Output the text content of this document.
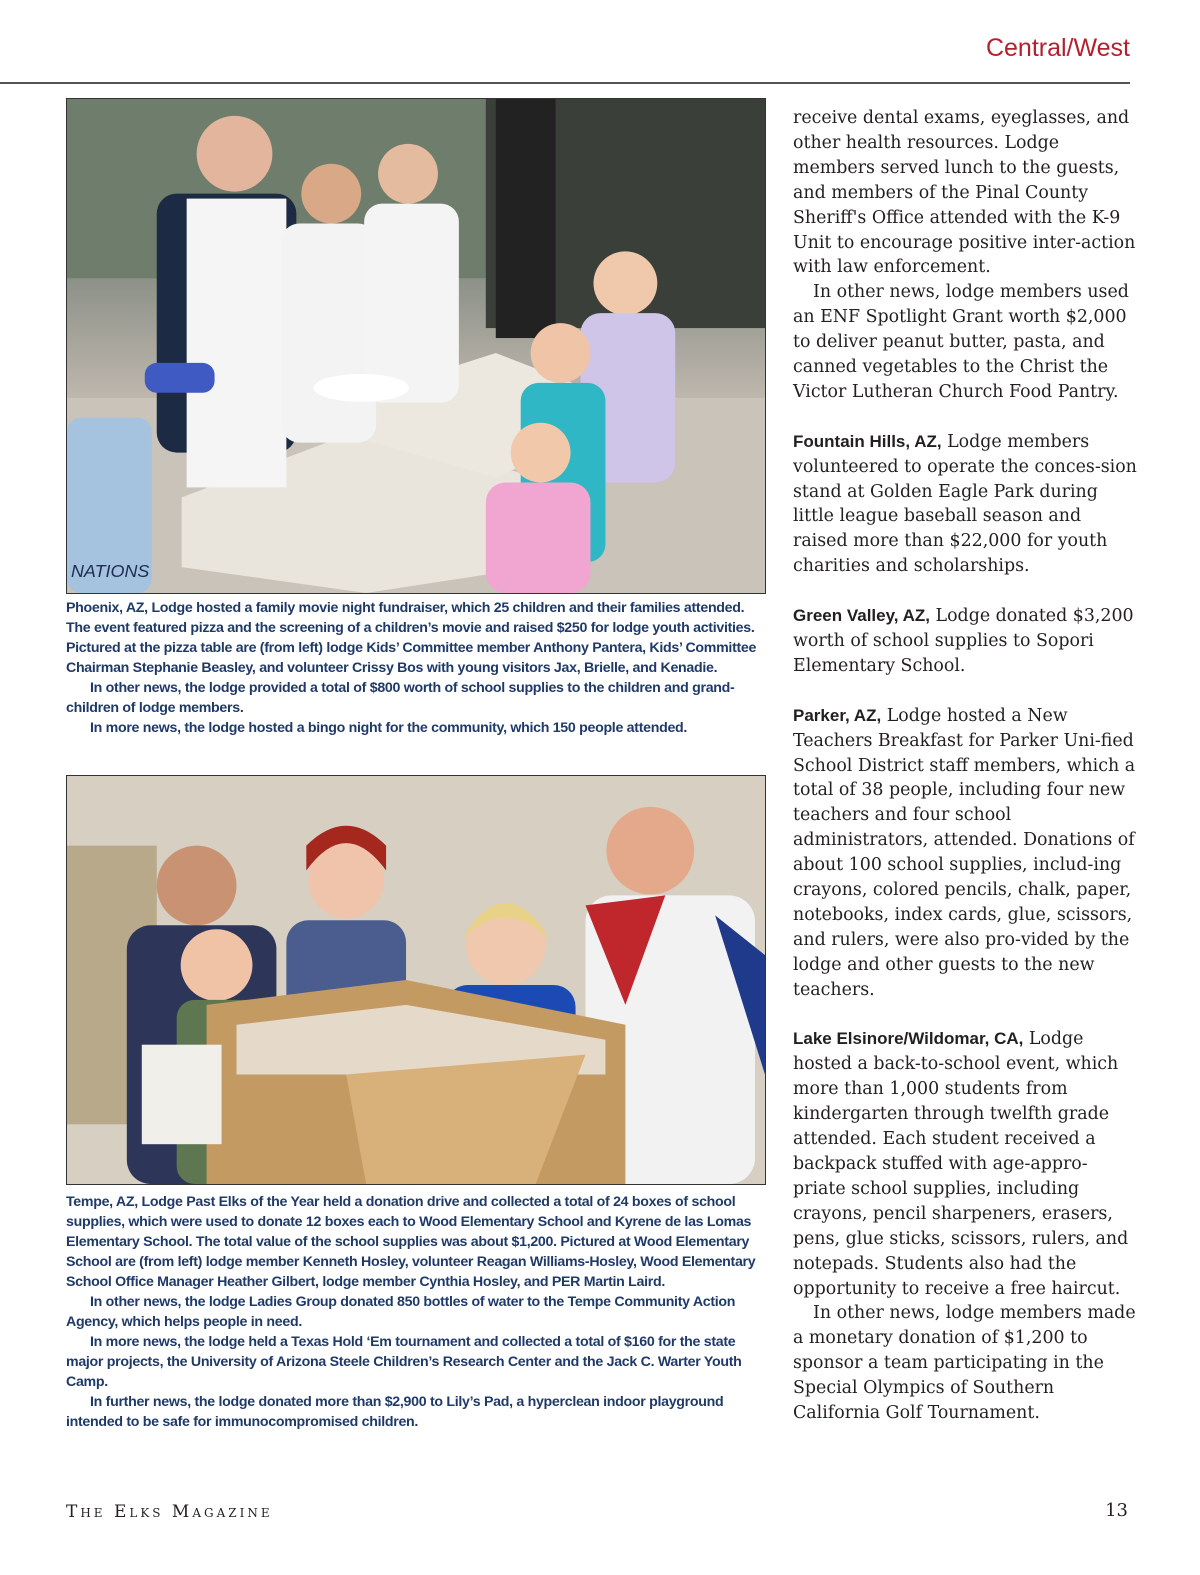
Central/West
NATIONS

Phoenix, AZ, Lodge hosted a family movie night fundraiser, which 25 children and their families attended. The event featured pizza and the screening of a children’s movie and raised $250 for lodge youth activities. Pictured at the pizza table are (from left) lodge Kids’ Committee member Anthony Pantera, Kids’ Committee Chairman Stephanie Beasley, and volunteer Crissy Bos with young visitors Jax, Brielle, and Kenadie.

In other news, the lodge provided a total of $800 worth of school supplies to the children and grand-children of lodge members.

In more news, the lodge hosted a bingo night for the community, which 150 people attended.

Tempe, AZ, Lodge Past Elks of the Year held a donation drive and collected a total of 24 boxes of school supplies, which were used to donate 12 boxes each to Wood Elementary School and Kyrene de las Lomas Elementary School. The total value of the school supplies was about $1,200. Pictured at Wood Elementary School are (from left) lodge member Kenneth Hosley, volunteer Reagan Williams-Hosley, Wood Elementary School Office Manager Heather Gilbert, lodge member Cynthia Hosley, and PER Martin Laird.

In other news, the lodge Ladies Group donated 850 bottles of water to the Tempe Community Action Agency, which helps people in need.

In more news, the lodge held a Texas Hold ‘Em tournament and collected a total of $160 for the state major projects, the University of Arizona Steele Children’s Research Center and the Jack C. Warter Youth Camp.

In further news, the lodge donated more than $2,900 to Lily’s Pad, a hyperclean indoor playground intended to be safe for immunocompromised children.

receive dental exams, eyeglasses, and other health resources. Lodge members served lunch to the guests, and members of the Pinal County Sheriff's Office attended with the K-9 Unit to encourage positive inter-action with law enforcement.

In other news, lodge members used an ENF Spotlight Grant worth $2,000 to deliver peanut butter, pasta, and canned vegetables to the Christ the Victor Lutheran Church Food Pantry.

Fountain Hills, AZ, Lodge members volunteered to operate the conces-sion stand at Golden Eagle Park during little league baseball season and raised more than $22,000 for youth charities and scholarships.

Green Valley, AZ, Lodge donated $3,200 worth of school supplies to Sopori Elementary School.

Parker, AZ, Lodge hosted a New Teachers Breakfast for Parker Uni-fied School District staff members, which a total of 38 people, including four new teachers and four school administrators, attended. Donations of about 100 school supplies, includ-ing crayons, colored pencils, chalk, paper, notebooks, index cards, glue, scissors, and rulers, were also pro-vided by the lodge and other guests to the new teachers.

Lake Elsinore/Wildomar, CA, Lodge hosted a back-to-school event, which more than 1,000 students from kindergarten through twelfth grade attended. Each student received a backpack stuffed with age-appro-priate school supplies, including crayons, pencil sharpeners, erasers, pens, glue sticks, scissors, rulers, and notepads. Students also had the opportunity to receive a free haircut.

In other news, lodge members made a monetary donation of $1,200 to sponsor a team participating in the Special Olympics of Southern California Golf Tournament.

The Elks Magazine	13
